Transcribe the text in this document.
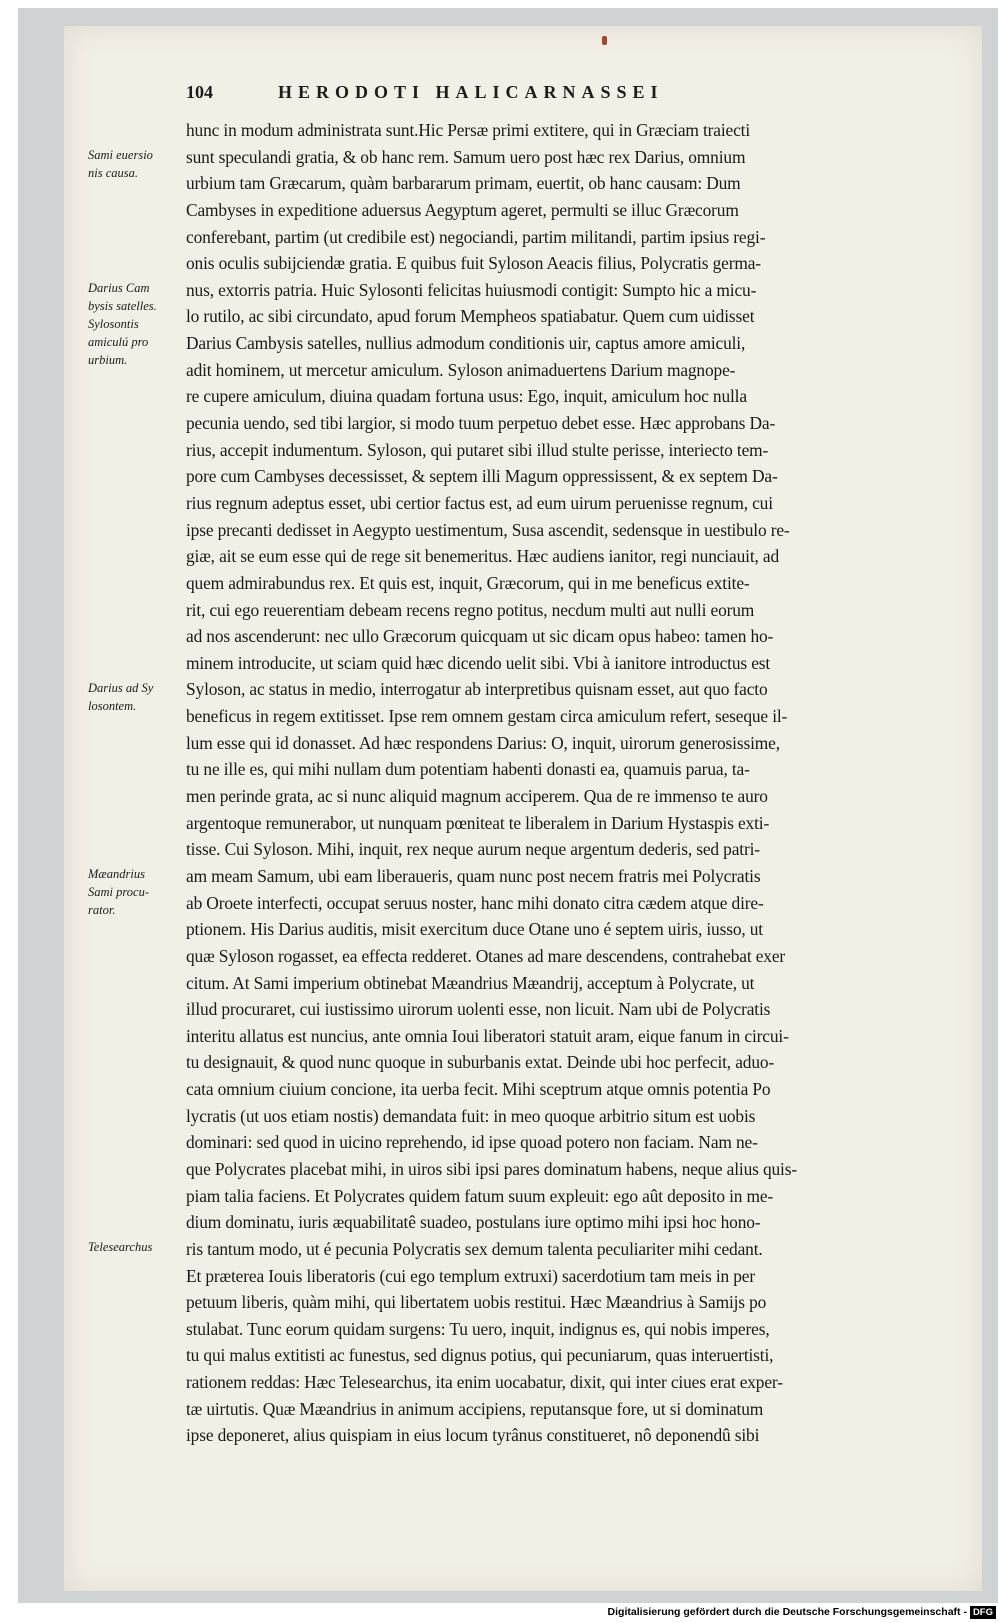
104	HERODOTI HALICARNASSEI
Sami euersio
nis causa.
Darius Cam
bysis satelles.
Sylosontis
amiculú pro
urbium.
Darius ad Sy
losontem.
Mæandrius
Sami procu-
rator.
Telesearchus
hunc in modum administrata sunt.Hic Persæ primi extitere, qui in Græciam traiecti
sunt speculandi gratia, & ob hanc rem. Samum uero post hæc rex Darius, omnium
urbium tam Græcarum, quàm barbararum primam, euertit, ob hanc causam: Dum
Cambyses in expeditione aduersus Aegyptum ageret, permulti se illuc Græcorum
conferebant, partim (ut credibile est) negociandi, partim militandi, partim ipsius regi-
onis oculis subijciendæ gratia. E quibus fuit Syloson Aeacis filius, Polycratis germa-
nus, extorris patria. Huic Sylosonti felicitas huiusmodi contigit: Sumpto hic a micu-
lo rutilo, ac sibi circundato, apud forum Mempheos spatiabatur. Quem cum uidisset
Darius Cambysis satelles, nullius admodum conditionis uir, captus amore amiculi,
adit hominem, ut mercetur amiculum. Syloson animaduertens Darium magnope-
re cupere amiculum, diuina quadam fortuna usus: Ego, inquit, amiculum hoc nulla
pecunia uendo, sed tibi largior, si modo tuum perpetuo debet esse. Hæc approbans Da-
rius, accepit indumentum. Syloson, qui putaret sibi illud stulte perisse, interiecto tem-
pore cum Cambyses decessisset, & septem illi Magum oppressissent, & ex septem Da-
rius regnum adeptus esset, ubi certior factus est, ad eum uirum peruenisse regnum, cui
ipse precanti dedisset in Aegypto uestimentum, Susa ascendit, sedensque in uestibulo re-
giæ, ait se eum esse qui de rege sit benemeritus. Hæc audiens ianitor, regi nunciauit, ad
quem admirabundus rex. Et quis est, inquit, Græcorum, qui in me beneficus extite-
rit, cui ego reuerentiam debeam recens regno potitus, necdum multi aut nulli eorum
ad nos ascenderunt: nec ullo Græcorum quicquam ut sic dicam opus habeo: tamen ho-
minem introducite, ut sciam quid hæc dicendo uelit sibi. Vbi à ianitore introductus est
Syloson, ac status in medio, interrogatur ab interpretibus quisnam esset, aut quo facto
beneficus in regem extitisset. Ipse rem omnem gestam circa amiculum refert, seseque il-
lum esse qui id donasset. Ad hæc respondens Darius: O, inquit, uirorum generosissime,
tu ne ille es, qui mihi nullam dum potentiam habenti donasti ea, quamuis parua, ta-
men perinde grata, ac si nunc aliquid magnum acciperem. Qua de re immenso te auro
argentoque remunerabor, ut nunquam pœniteat te liberalem in Darium Hystaspis exti-
tisse. Cui Syloson. Mihi, inquit, rex neque aurum neque argentum dederis, sed patri-
am meam Samum, ubi eam liberaueris, quam nunc post necem fratris mei Polycratis
ab Oroete interfecti, occupat seruus noster, hanc mihi donato citra cædem atque dire-
ptionem. His Darius auditis, misit exercitum duce Otane uno é septem uiris, iusso, ut
quæ Syloson rogasset, ea effecta redderet. Otanes ad mare descendens, contrahebat exer
citum. At Sami imperium obtinebat Mæandrius Mæandrij, acceptum à Polycrate, ut
illud procuraret, cui iustissimo uirorum uolenti esse, non licuit. Nam ubi de Polycratis
interitu allatus est nuncius, ante omnia Ioui liberatori statuit aram, eique fanum in circui-
tu designauit, & quod nunc quoque in suburbanis extat. Deinde ubi hoc perfecit, aduo-
cata omnium ciuium concione, ita uerba fecit. Mihi sceptrum atque omnis potentia Po
lycratis (ut uos etiam nostis) demandata fuit: in meo quoque arbitrio situm est uobis
dominari: sed quod in uicino reprehendo, id ipse quoad potero non faciam. Nam ne-
que Polycrates placebat mihi, in uiros sibi ipsi pares dominatum habens, neque alius quis-
piam talia faciens. Et Polycrates quidem fatum suum expleuit: ego aût deposito in me-
dium dominatu, iuris æquabilitatê suadeo, postulans iure optimo mihi ipsi hoc hono-
ris tantum modo, ut é pecunia Polycratis sex demum talenta peculiariter mihi cedant.
Et præterea Iouis liberatoris (cui ego templum extruxi) sacerdotium tam meis in per
petuum liberis, quàm mihi, qui libertatem uobis restitui. Hæc Mæandrius à Samijs po
stulabat. Tunc eorum quidam surgens: Tu uero, inquit, indignus es, qui nobis imperes,
tu qui malus extitisti ac funestus, sed dignus potius, qui pecuniarum, quas interuertisti,
rationem reddas: Hæc Telesearchus, ita enim uocabatur, dixit, qui inter ciues erat exper-
tæ uirtutis. Quæ Mæandrius in animum accipiens, reputansque fore, ut si dominatum
ipse deponeret, alius quispiam in eius locum tyrânus constitueret, nô deponendû sibi
Digitalisierung gefördert durch die Deutsche Forschungsgemeinschaft - DFG
